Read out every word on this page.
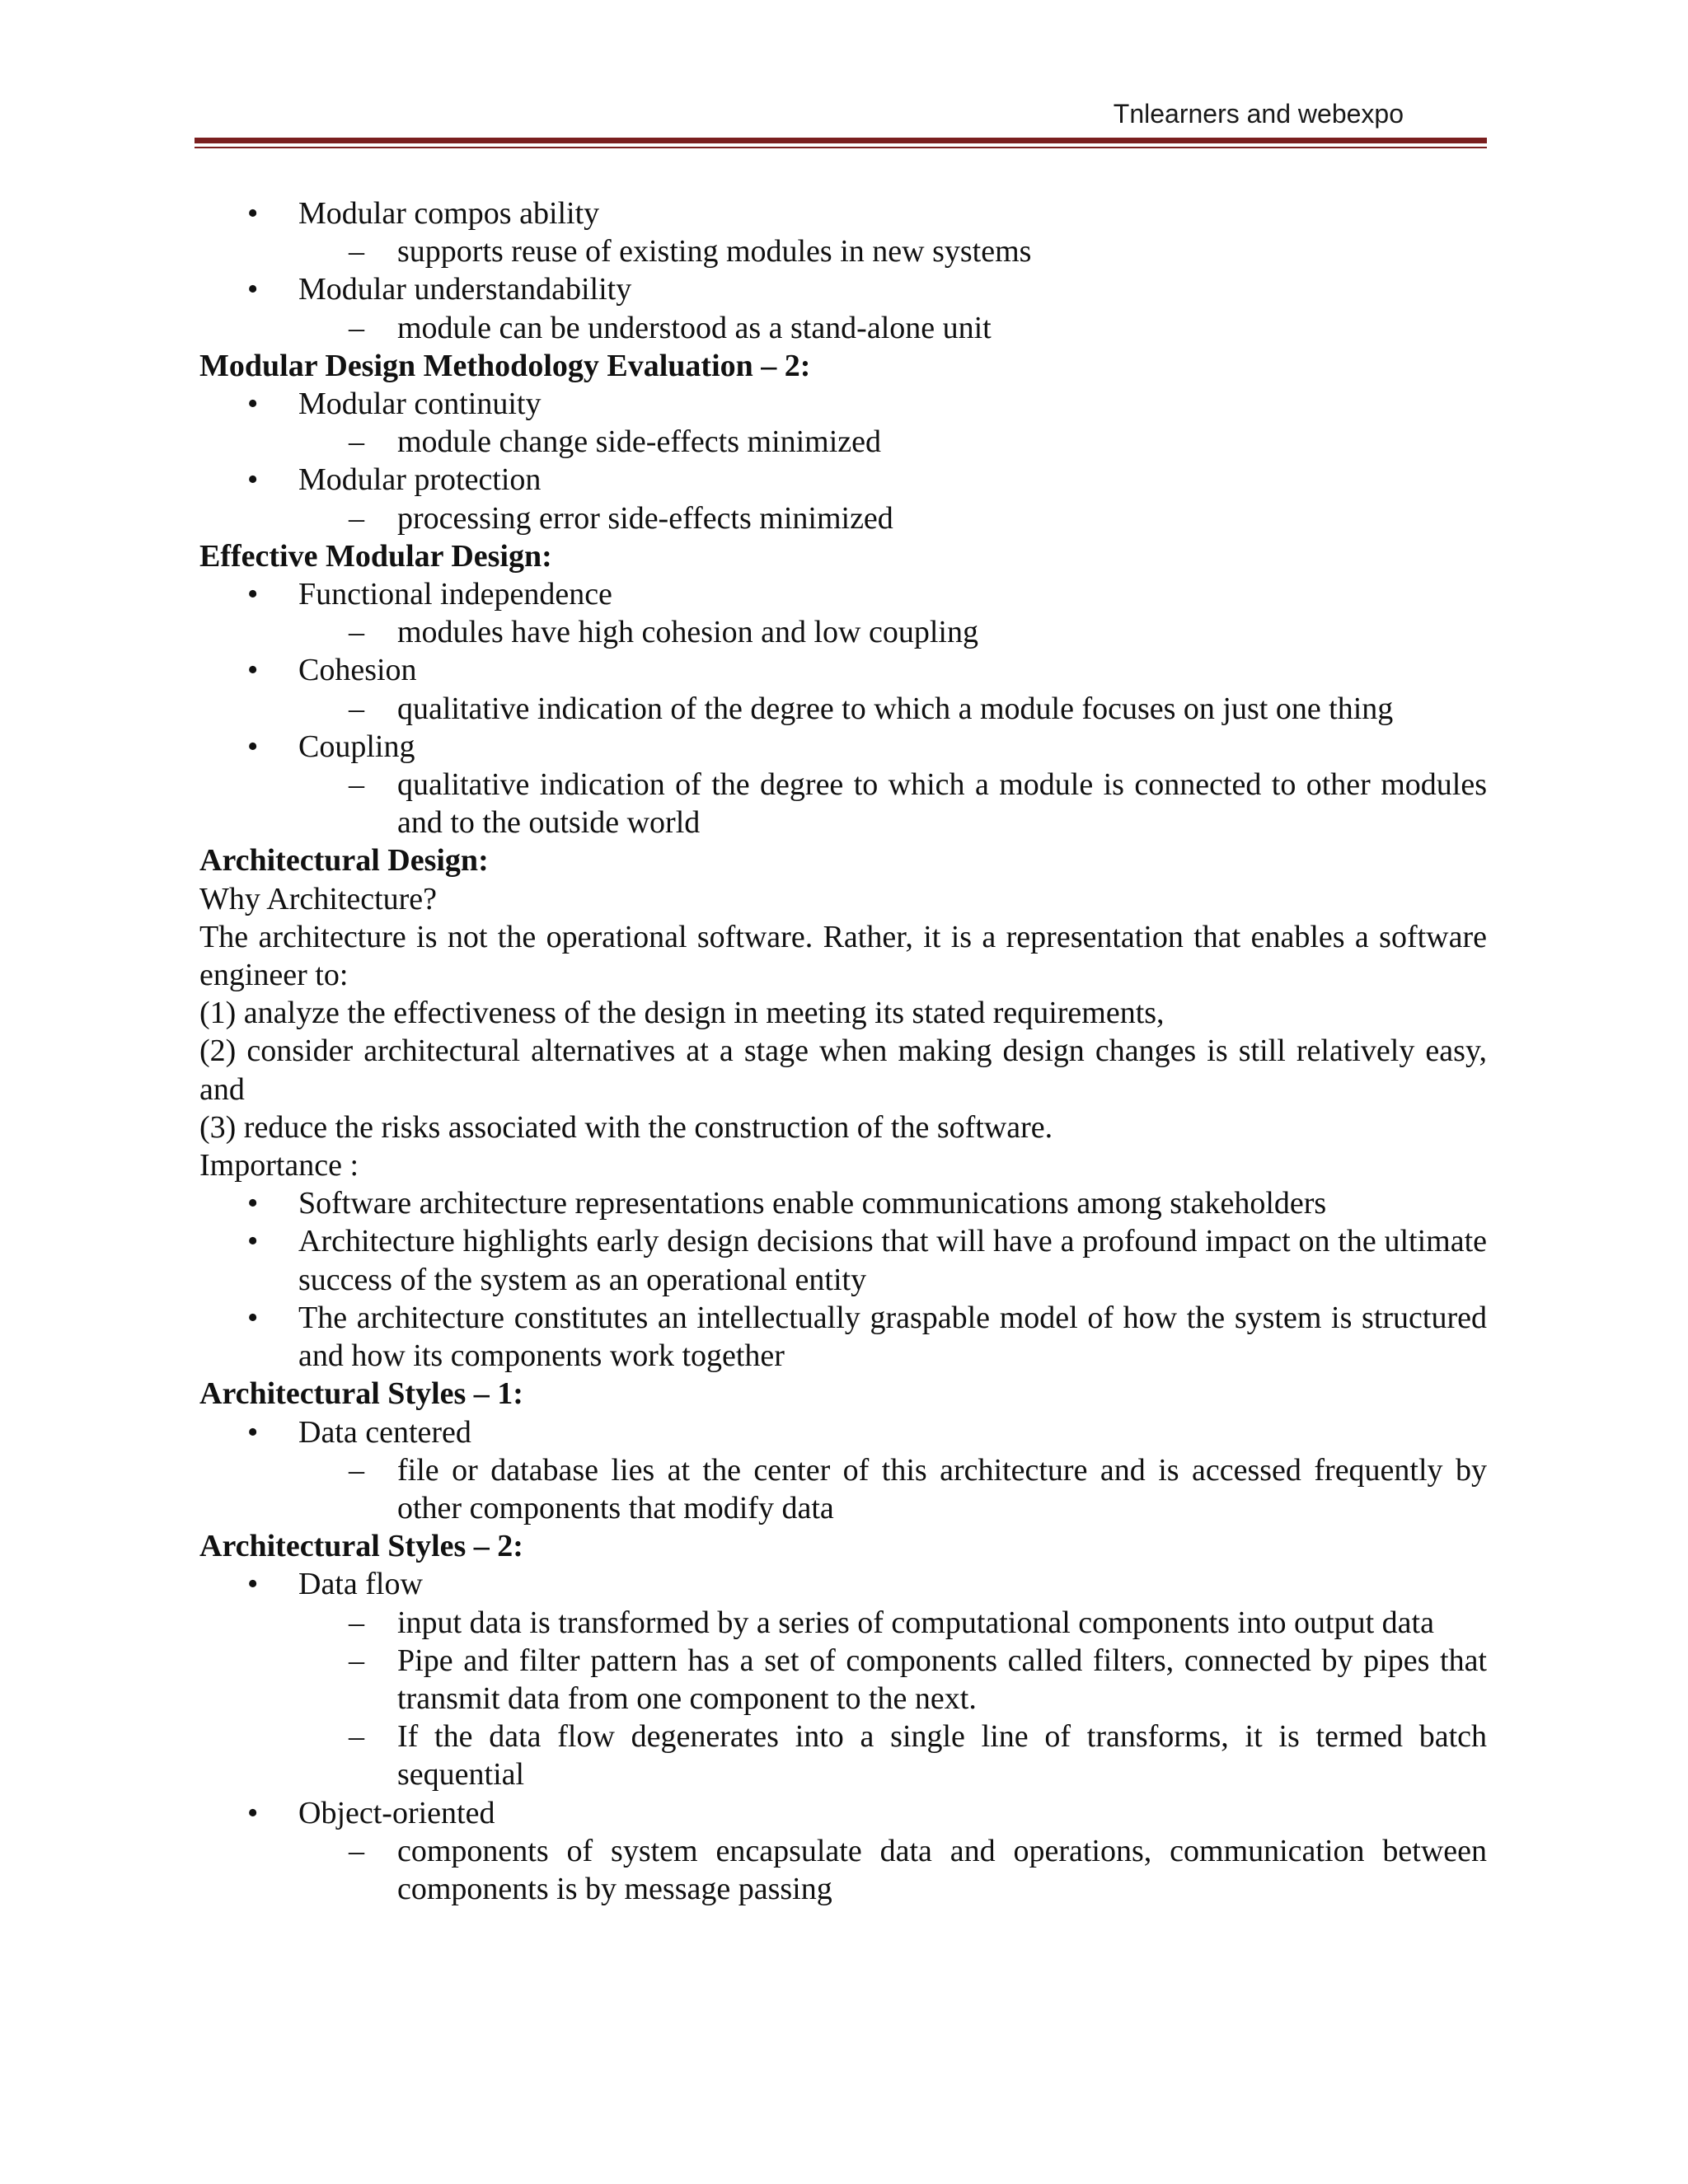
Tnlearners and webexpo
• Modular compos ability
– supports reuse of existing modules in new systems
• Modular understandability
– module can be understood as a stand-alone unit
Modular Design Methodology Evaluation – 2:
• Modular continuity
– module change side-effects minimized
• Modular protection
– processing error side-effects minimized
Effective Modular Design:
• Functional independence
– modules have high cohesion and low coupling
• Cohesion
– qualitative indication of the degree to which a module focuses on just one thing
• Coupling
– qualitative indication of the degree to which a module is connected to other modules and to the outside world
Architectural Design:
Why Architecture?
The architecture is not the operational software. Rather, it is a representation that enables a software engineer to:
(1) analyze the effectiveness of the design in meeting its stated requirements,
(2) consider architectural alternatives at a stage when making design changes is still relatively easy, and
(3) reduce the risks associated with the construction of the software.
Importance :
• Software architecture representations enable communications among stakeholders
• Architecture highlights early design decisions that will have a profound impact on the ultimate success of the system as an operational entity
• The architecture constitutes an intellectually graspable model of how the system is structured and how its components work together
Architectural Styles – 1:
• Data centered
– file or database lies at the center of this architecture and is accessed frequently by other components that modify data
Architectural Styles – 2:
• Data flow
– input data is transformed by a series of computational components into output data
– Pipe and filter pattern has a set of components called filters, connected by pipes that transmit data from one component to the next.
– If the data flow degenerates into a single line of transforms, it is termed batch sequential
• Object-oriented
– components of system encapsulate data and operations, communication between components is by message passing
